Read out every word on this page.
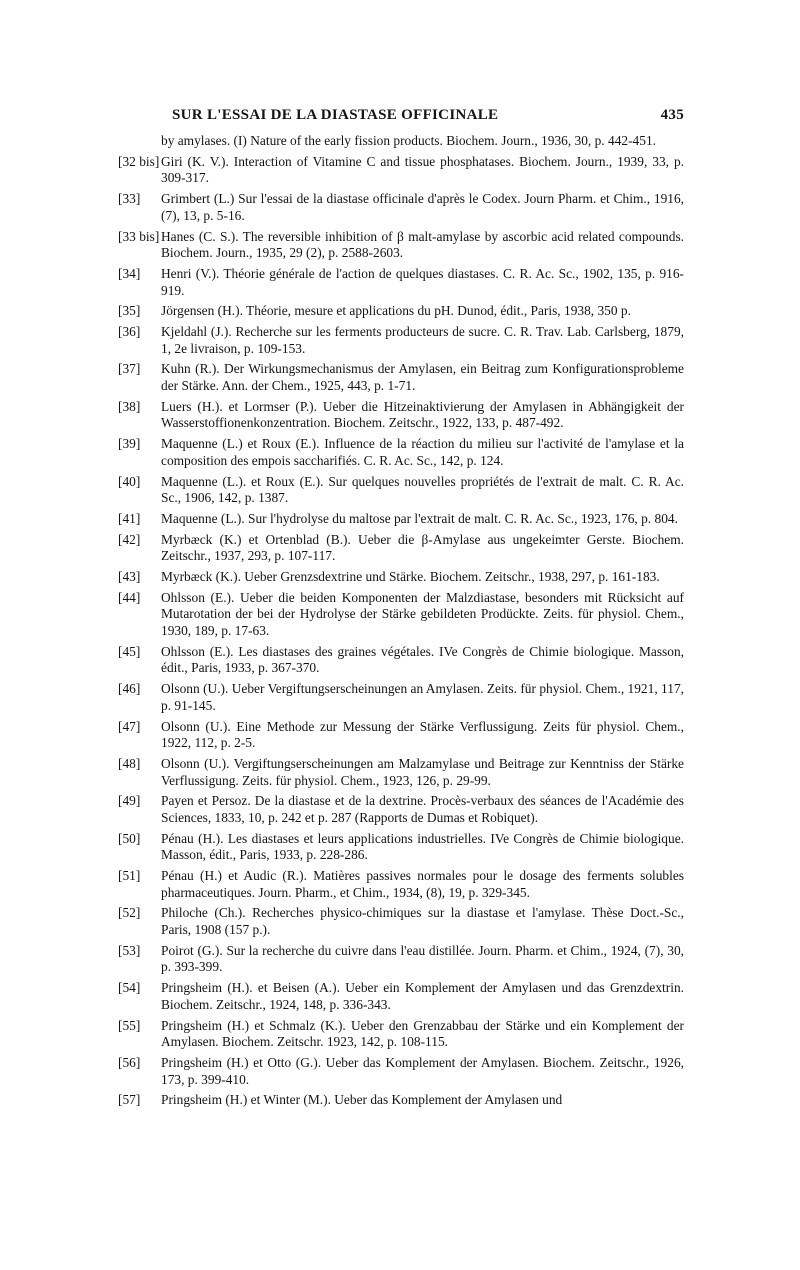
SUR L'ESSAI DE LA DIASTASE OFFICINALE	435

by amylases. (I) Nature of the early fission products. Biochem. Journ., 1936, 30, p. 442-451.

[32 bis] Giri (K. V.). Interaction of Vitamine C and tissue phosphatases. Biochem. Journ., 1939, 33, p. 309-317.

[33] Grimbert (L.) Sur l'essai de la diastase officinale d'après le Codex. Journ Pharm. et Chim., 1916, (7), 13, p. 5-16.

[33 bis] Hanes (C. S.). The reversible inhibition of β malt-amylase by ascorbic acid related compounds. Biochem. Journ., 1935, 29 (2), p. 2588-2603.

[34] Henri (V.). Théorie générale de l'action de quelques diastases. C. R. Ac. Sc., 1902, 135, p. 916-919.

[35] Jörgensen (H.). Théorie, mesure et applications du pH. Dunod, édit., Paris, 1938, 350 p.

[36] Kjeldahl (J.). Recherche sur les ferments producteurs de sucre. C. R. Trav. Lab. Carlsberg, 1879, 1, 2e livraison, p. 109-153.

[37] Kuhn (R.). Der Wirkungsmechanismus der Amylasen, ein Beitrag zum Konfigurationsprobleme der Stärke. Ann. der Chem., 1925, 443, p. 1-71.

[38] Luers (H.). et Lormser (P.). Ueber die Hitzeinaktivierung der Amylasen in Abhängigkeit der Wasserstoffionenkonzentration. Biochem. Zeitschr., 1922, 133, p. 487-492.

[39] Maquenne (L.) et Roux (E.). Influence de la réaction du milieu sur l'activité de l'amylase et la composition des empois saccharifiés. C. R. Ac. Sc., 142, p. 124.

[40] Maquenne (L.). et Roux (E.). Sur quelques nouvelles propriétés de l'extrait de malt. C. R. Ac. Sc., 1906, 142, p. 1387.

[41] Maquenne (L.). Sur l'hydrolyse du maltose par l'extrait de malt. C. R. Ac. Sc., 1923, 176, p. 804.

[42] Myrbæck (K.) et Ortenblad (B.). Ueber die β-Amylase aus ungekeimter Gerste. Biochem. Zeitschr., 1937, 293, p. 107-117.

[43] Myrbæck (K.). Ueber Grenzsdextrine und Stärke. Biochem. Zeitschr., 1938, 297, p. 161-183.

[44] Ohlsson (E.). Ueber die beiden Komponenten der Malzdiastase, besonders mit Rücksicht auf Mutarotation der bei der Hydrolyse der Stärke gebildeten Prodückte. Zeits. für physiol. Chem., 1930, 189, p. 17-63.

[45] Ohlsson (E.). Les diastases des graines végétales. IVe Congrès de Chimie biologique. Masson, édit., Paris, 1933, p. 367-370.

[46] Olsonn (U.). Ueber Vergiftungserscheinungen an Amylasen. Zeits. für physiol. Chem., 1921, 117, p. 91-145.

[47] Olsonn (U.). Eine Methode zur Messung der Stärke Verflussigung. Zeits für physiol. Chem., 1922, 112, p. 2-5.

[48] Olsonn (U.). Vergiftungserscheinungen am Malzamylase und Beitrage zur Kenntniss der Stärke Verflussigung. Zeits. für physiol. Chem., 1923, 126, p. 29-99.

[49] Payen et Persoz. De la diastase et de la dextrine. Procès-verbaux des séances de l'Académie des Sciences, 1833, 10, p. 242 et p. 287 (Rapports de Dumas et Robiquet).

[50] Pénau (H.). Les diastases et leurs applications industrielles. IVe Congrès de Chimie biologique. Masson, édit., Paris, 1933, p. 228-286.

[51] Pénau (H.) et Audic (R.). Matières passives normales pour le dosage des ferments solubles pharmaceutiques. Journ. Pharm., et Chim., 1934, (8), 19, p. 329-345.

[52] Philoche (Ch.). Recherches physico-chimiques sur la diastase et l'amylase. Thèse Doct.-Sc., Paris, 1908 (157 p.).

[53] Poirot (G.). Sur la recherche du cuivre dans l'eau distillée. Journ. Pharm. et Chim., 1924, (7), 30, p. 393-399.

[54] Pringsheim (H.). et Beisen (A.). Ueber ein Komplement der Amylasen und das Grenzdextrin. Biochem. Zeitschr., 1924, 148, p. 336-343.

[55] Pringsheim (H.) et Schmalz (K.). Ueber den Grenzabbau der Stärke und ein Komplement der Amylasen. Biochem. Zeitschr. 1923, 142, p. 108-115.

[56] Pringsheim (H.) et Otto (G.). Ueber das Komplement der Amylasen. Biochem. Zeitschr., 1926, 173, p. 399-410.

[57] Pringsheim (H.) et Winter (M.). Ueber das Komplement der Amylasen und
